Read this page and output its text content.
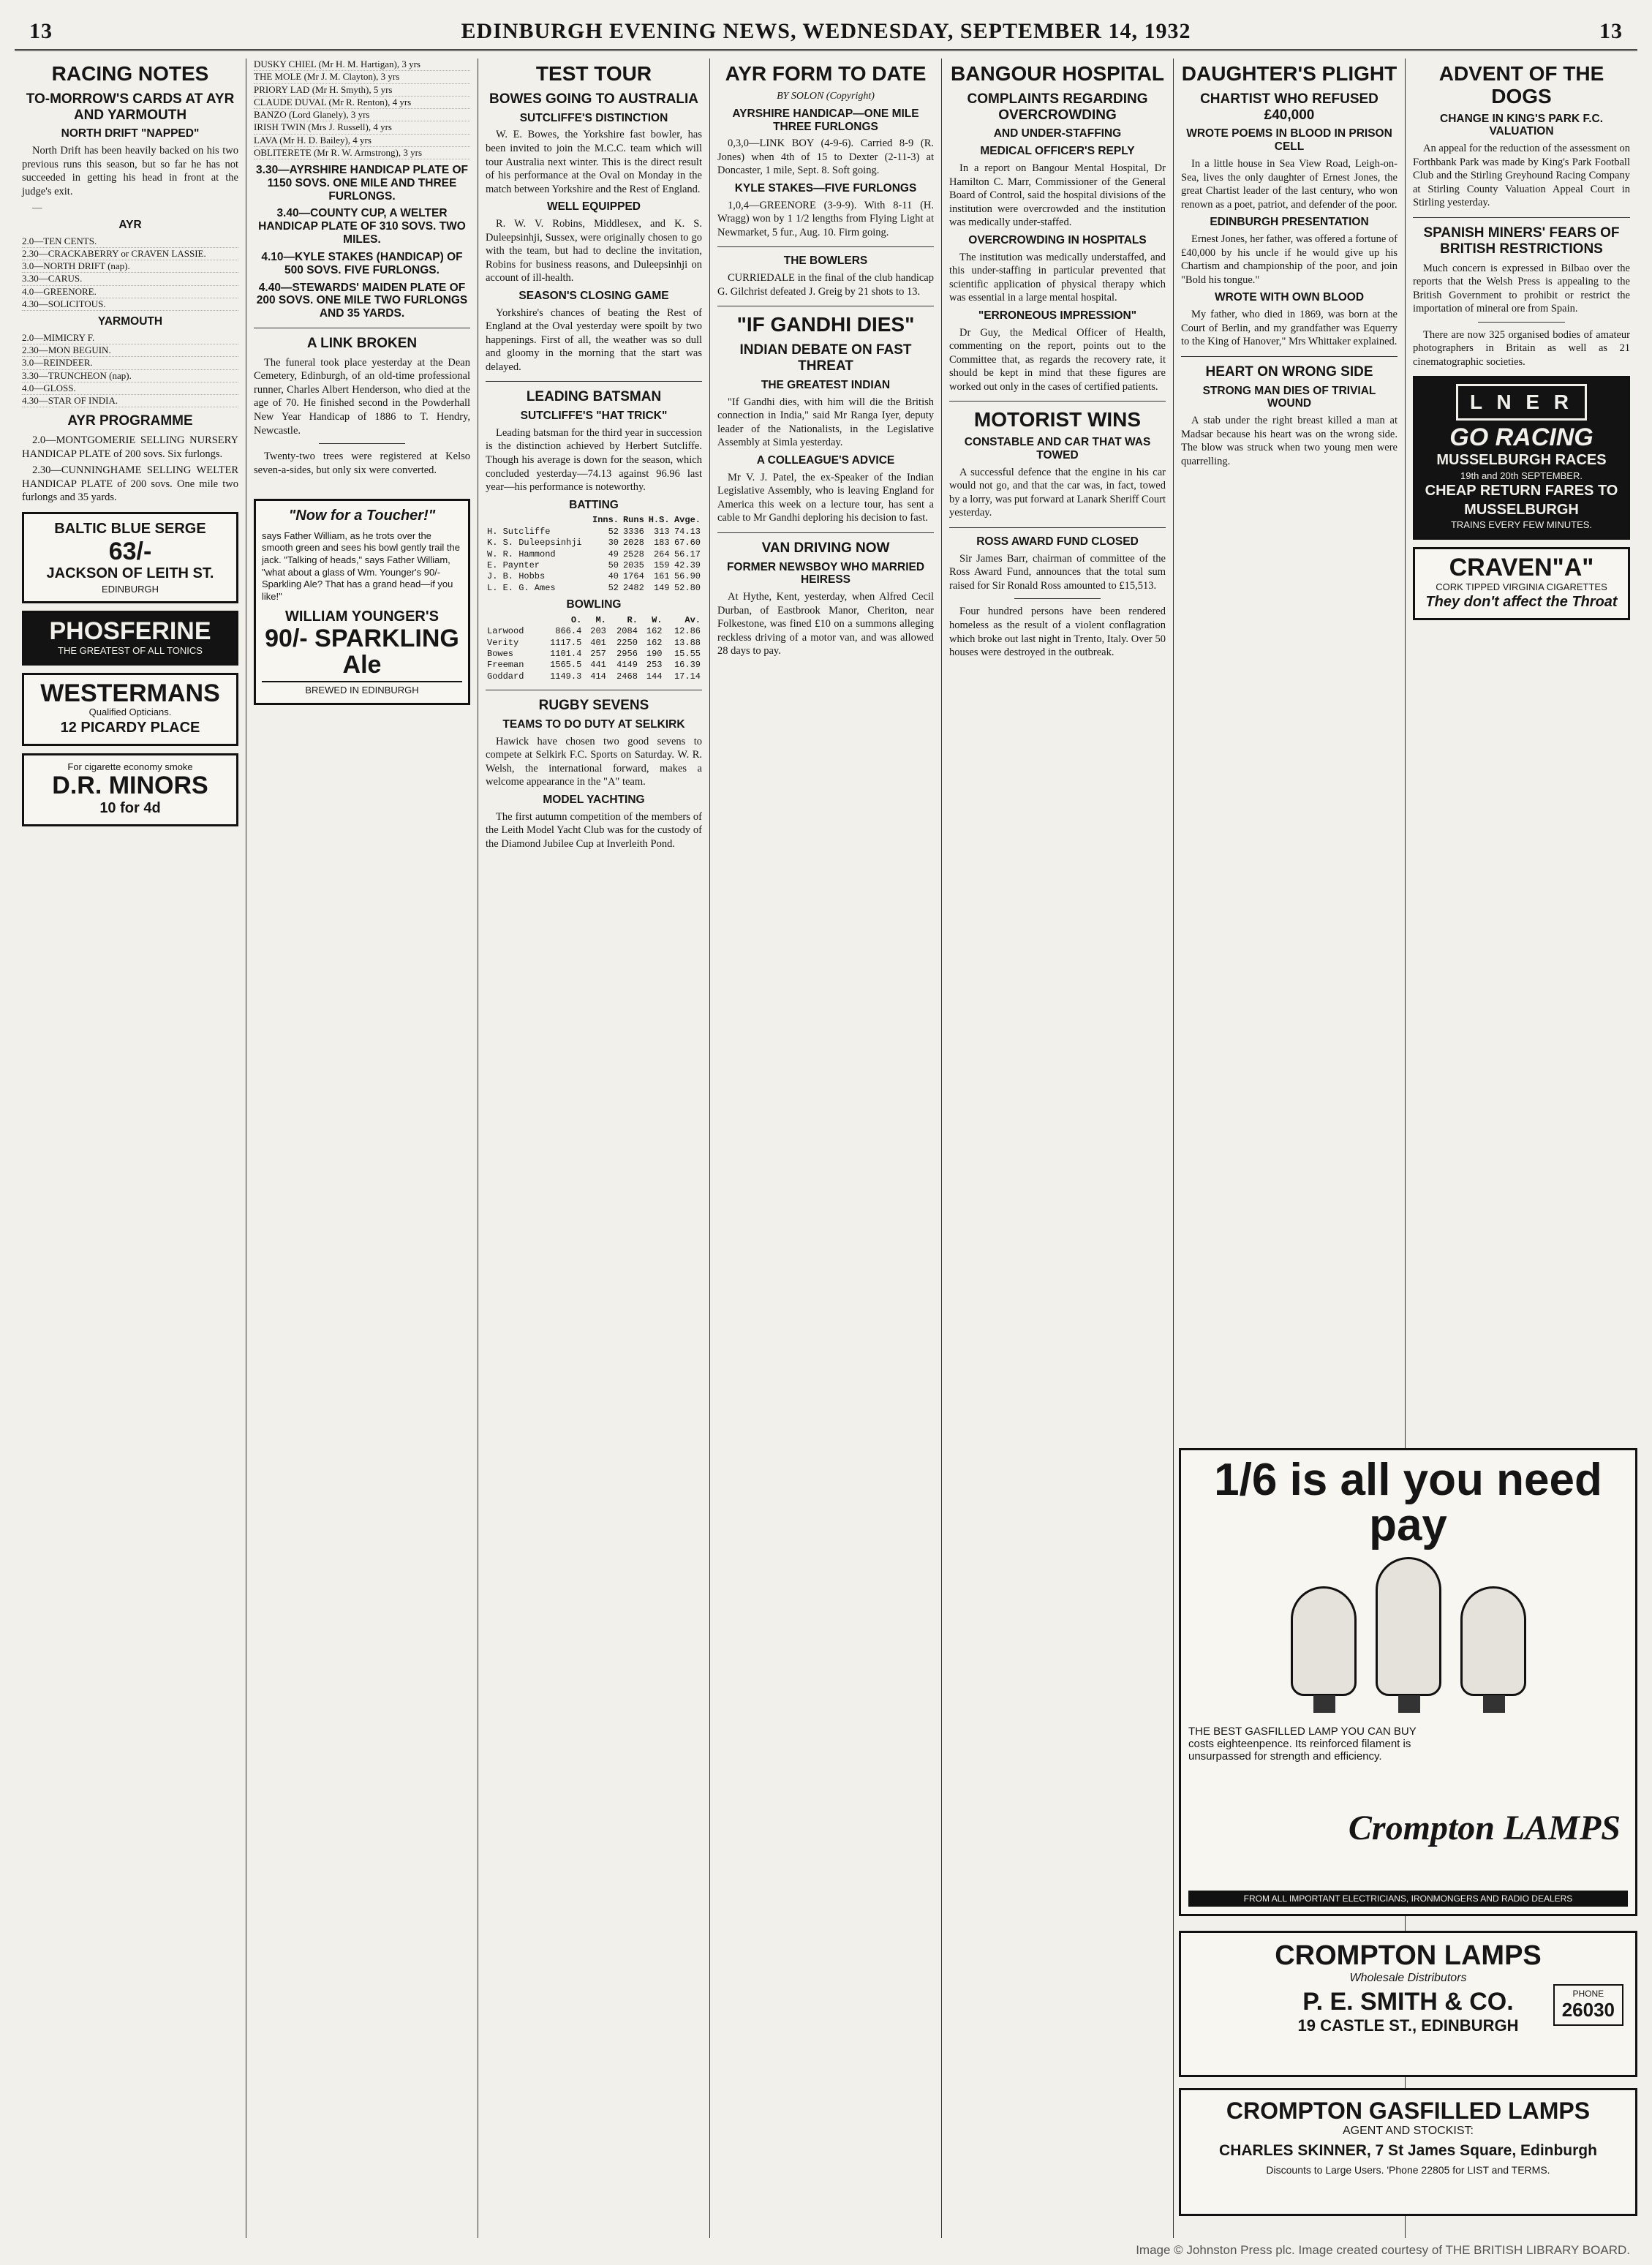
13	EDINBURGH EVENING NEWS, WEDNESDAY, SEPTEMBER 14, 1932	13
RACING NOTES
TO-MORROW'S CARDS AT AYR AND YARMOUTH
NORTH DRIFT "NAPPED"

North Drift has been heavily backed on his two previous runs this season, but so far he has not succeeded in getting his head in front at the judge's exit.

—

AYR
2.0—TEN CENTS.
2.30—CRACKABERRY or CRAVEN LASSIE.
3.0—NORTH DRIFT (nap).
3.30—CARUS.
4.0—GREENORE.
4.30—SOLICITOUS.
YARMOUTH
2.0—MIMICRY F.
2.30—MON BEGUIN.
3.0—REINDEER.
3.30—TRUNCHEON (nap).
4.0—GLOSS.
4.30—STAR OF INDIA.
AYR PROGRAMME

2.0—MONTGOMERIE SELLING NURSERY HANDICAP PLATE of 200 sovs. Six furlongs.

2.30—CUNNINGHAME SELLING WELTER HANDICAP PLATE of 200 sovs. One mile two furlongs and 35 yards.

BALTIC BLUE SERGE
63/-
JACKSON OF LEITH ST.
EDINBURGH
PHOSFERINE
THE GREATEST OF ALL TONICS
WESTERMANS
Qualified Opticians.
12 PICARDY PLACE
For cigarette economy smoke
D.R. MINORS
10 for 4d
DUSKY CHIEL (Mr H. M. Hartigan), 3 yrs
THE MOLE (Mr J. M. Clayton), 3 yrs
PRIORY LAD (Mr H. Smyth), 5 yrs
CLAUDE DUVAL (Mr R. Renton), 4 yrs
BANZO (Lord Glanely), 3 yrs
IRISH TWIN (Mrs J. Russell), 4 yrs
LAVA (Mr H. D. Bailey), 4 yrs
OBLITERETE (Mr R. W. Armstrong), 3 yrs
3.30—AYRSHIRE HANDICAP PLATE OF 1150 SOVS. ONE MILE AND THREE FURLONGS.
3.40—COUNTY CUP, A WELTER HANDICAP PLATE OF 310 SOVS. TWO MILES.
4.10—KYLE STAKES (HANDICAP) OF 500 SOVS. FIVE FURLONGS.
4.40—STEWARDS' MAIDEN PLATE OF 200 SOVS. ONE MILE TWO FURLONGS AND 35 YARDS.
A LINK BROKEN

The funeral took place yesterday at the Dean Cemetery, Edinburgh, of an old-time professional runner, Charles Albert Henderson, who died at the age of 70. He finished second in the Powderhall New Year Handicap of 1886 to T. Hendry, Newcastle.

Twenty-two trees were registered at Kelso seven-a-sides, but only six were converted.

"Now for a Toucher!"
says Father William, as he trots over the smooth green and sees his bowl gently trail the jack. "Talking of heads," says Father William, "what about a glass of Wm. Younger's 90/- Sparkling Ale? That has a grand head—if you like!"
WILLIAM YOUNGER'S
90/- SPARKLING Ale
BREWED IN EDINBURGH
TEST TOUR
BOWES GOING TO AUSTRALIA
SUTCLIFFE'S DISTINCTION

W. E. Bowes, the Yorkshire fast bowler, has been invited to join the M.C.C. team which will tour Australia next winter. This is the direct result of his performance at the Oval on Monday in the match between Yorkshire and the Rest of England.

WELL EQUIPPED

R. W. V. Robins, Middlesex, and K. S. Duleepsinhji, Sussex, were originally chosen to go with the team, but had to decline the invitation, Robins for business reasons, and Duleepsinhji on account of ill-health.

SEASON'S CLOSING GAME

Yorkshire's chances of beating the Rest of England at the Oval yesterday were spoilt by two happenings. First of all, the weather was so dull and gloomy in the morning that the start was delayed.

LEADING BATSMAN
SUTCLIFFE'S "HAT TRICK"

Leading batsman for the third year in succession is the distinction achieved by Herbert Sutcliffe. Though his average is down for the season, which concluded yesterday—74.13 against 96.96 last year—his performance is noteworthy.

BATTING
	Inns.	Runs	H.S.	Avge.
H. Sutcliffe	52	3336	313	74.13
K. S. Duleepsinhji	30	2028	183	67.60
W. R. Hammond	49	2528	264	56.17
E. Paynter	50	2035	159	42.39
J. B. Hobbs	40	1764	161	56.90
L. E. G. Ames	52	2482	149	52.80
BOWLING
	O.	M.	R.	W.	Av.
Larwood	866.4	203	2084	162	12.86
Verity	1117.5	401	2250	162	13.88
Bowes	1101.4	257	2956	190	15.55
Freeman	1565.5	441	4149	253	16.39
Goddard	1149.3	414	2468	144	17.14
RUGBY SEVENS
TEAMS TO DO DUTY AT SELKIRK

Hawick have chosen two good sevens to compete at Selkirk F.C. Sports on Saturday. W. R. Welsh, the international forward, makes a welcome appearance in the "A" team.

MODEL YACHTING

The first autumn competition of the members of the Leith Model Yacht Club was for the custody of the Diamond Jubilee Cup at Inverleith Pond.

AYR FORM TO DATE
BY SOLON (Copyright)
AYRSHIRE HANDICAP—ONE MILE THREE FURLONGS

0,3,0—LINK BOY (4-9-6). Carried 8-9 (R. Jones) when 4th of 15 to Dexter (2-11-3) at Doncaster, 1 mile, Sept. 8. Soft going.

KYLE STAKES—FIVE FURLONGS

1,0,4—GREENORE (3-9-9). With 8-11 (H. Wragg) won by 1 1/2 lengths from Flying Light at Newmarket, 5 fur., Aug. 10. Firm going.

THE BOWLERS

CURRIEDALE in the final of the club handicap G. Gilchrist defeated J. Greig by 21 shots to 13.

"IF GANDHI DIES"
INDIAN DEBATE ON FAST THREAT
THE GREATEST INDIAN

"If Gandhi dies, with him will die the British connection in India," said Mr Ranga Iyer, deputy leader of the Nationalists, in the Legislative Assembly at Simla yesterday.

A COLLEAGUE'S ADVICE

Mr V. J. Patel, the ex-Speaker of the Indian Legislative Assembly, who is leaving England for America this week on a lecture tour, has sent a cable to Mr Gandhi deploring his decision to fast.

VAN DRIVING NOW
FORMER NEWSBOY WHO MARRIED HEIRESS

At Hythe, Kent, yesterday, when Alfred Cecil Durban, of Eastbrook Manor, Cheriton, near Folkestone, was fined £10 on a summons alleging reckless driving of a motor van, and was allowed 28 days to pay.

BANGOUR HOSPITAL
COMPLAINTS REGARDING OVERCROWDING
AND UNDER-STAFFING
MEDICAL OFFICER'S REPLY

In a report on Bangour Mental Hospital, Dr Hamilton C. Marr, Commissioner of the General Board of Control, said the hospital divisions of the institution were overcrowded and the institution was medically under-staffed.

OVERCROWDING IN HOSPITALS

The institution was medically understaffed, and this under-staffing in particular prevented that scientific application of physical therapy which was essential in a large mental hospital.

"ERRONEOUS IMPRESSION"

Dr Guy, the Medical Officer of Health, commenting on the report, points out to the Committee that, as regards the recovery rate, it should be kept in mind that these figures are worked out only in the cases of certified patients.

MOTORIST WINS
CONSTABLE AND CAR THAT WAS TOWED

A successful defence that the engine in his car would not go, and that the car was, in fact, towed by a lorry, was put forward at Lanark Sheriff Court yesterday.

ROSS AWARD FUND CLOSED

Sir James Barr, chairman of committee of the Ross Award Fund, announces that the total sum raised for Sir Ronald Ross amounted to £15,513.

Four hundred persons have been rendered homeless as the result of a violent conflagration which broke out last night in Trento, Italy. Over 50 houses were destroyed in the outbreak.

DAUGHTER'S PLIGHT
CHARTIST WHO REFUSED £40,000
WROTE POEMS IN BLOOD IN PRISON CELL

In a little house in Sea View Road, Leigh-on-Sea, lives the only daughter of Ernest Jones, the great Chartist leader of the last century, who won renown as a poet, patriot, and defender of the poor.

EDINBURGH PRESENTATION

Ernest Jones, her father, was offered a fortune of £40,000 by his uncle if he would give up his Chartism and championship of the poor, and join "Bold his tongue."

WROTE WITH OWN BLOOD

My father, who died in 1869, was born at the Court of Berlin, and my grandfather was Equerry to the King of Hanover," Mrs Whittaker explained.

HEART ON WRONG SIDE
STRONG MAN DIES OF TRIVIAL WOUND

A stab under the right breast killed a man at Madsar because his heart was on the wrong side. The blow was struck when two young men were quarrelling.

ADVENT OF THE DOGS
CHANGE IN KING'S PARK F.C. VALUATION

An appeal for the reduction of the assessment on Forthbank Park was made by King's Park Football Club and the Stirling Greyhound Racing Company at Stirling County Valuation Appeal Court in Stirling yesterday.

SPANISH MINERS' FEARS OF BRITISH RESTRICTIONS

Much concern is expressed in Bilbao over the reports that the Welsh Press is appealing to the British Government to prohibit or restrict the importation of mineral ore from Spain.

There are now 325 organised bodies of amateur photographers in Britain as well as 21 cinematographic societies.

L N E R
GO RACING
MUSSELBURGH RACES
19th and 20th SEPTEMBER.
CHEAP RETURN FARES TO MUSSELBURGH
TRAINS EVERY FEW MINUTES.
CRAVEN"A"
CORK TIPPED VIRGINIA CIGARETTES
They don't affect the Throat
1/6 is all you need pay
THE BEST GASFILLED LAMP YOU CAN BUY costs eighteenpence. Its reinforced filament is unsurpassed for strength and efficiency.
Crompton LAMPS
FROM ALL IMPORTANT ELECTRICIANS, IRONMONGERS AND RADIO DEALERS
CROMPTON LAMPS
Wholesale Distributors
P. E. SMITH & CO.
19 CASTLE ST., EDINBURGH
PHONE
26030
CROMPTON GASFILLED LAMPS
AGENT AND STOCKIST:
CHARLES SKINNER, 7 St James Square, Edinburgh
Discounts to Large Users. 'Phone 22805 for LIST and TERMS.
Image © Johnston Press plc. Image created courtesy of THE BRITISH LIBRARY BOARD.
